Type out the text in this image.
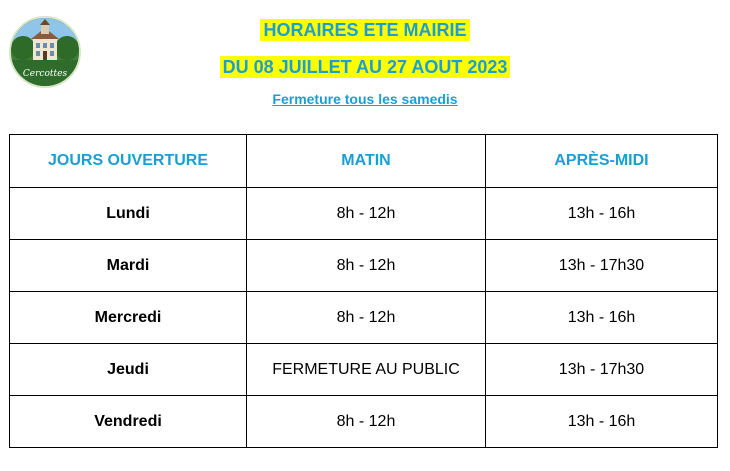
Cercottes
HORAIRES ETE MAIRIE
DU 08 JUILLET AU 27 AOUT 2023
Fermeture tous les samedis
JOURS OUVERTURE	MATIN	APRÈS-MIDI
Lundi	8h - 12h	13h - 16h
Mardi	8h - 12h	13h - 17h30
Mercredi	8h - 12h	13h - 16h
Jeudi	FERMETURE AU PUBLIC	13h - 17h30
Vendredi	8h - 12h	13h - 16h
